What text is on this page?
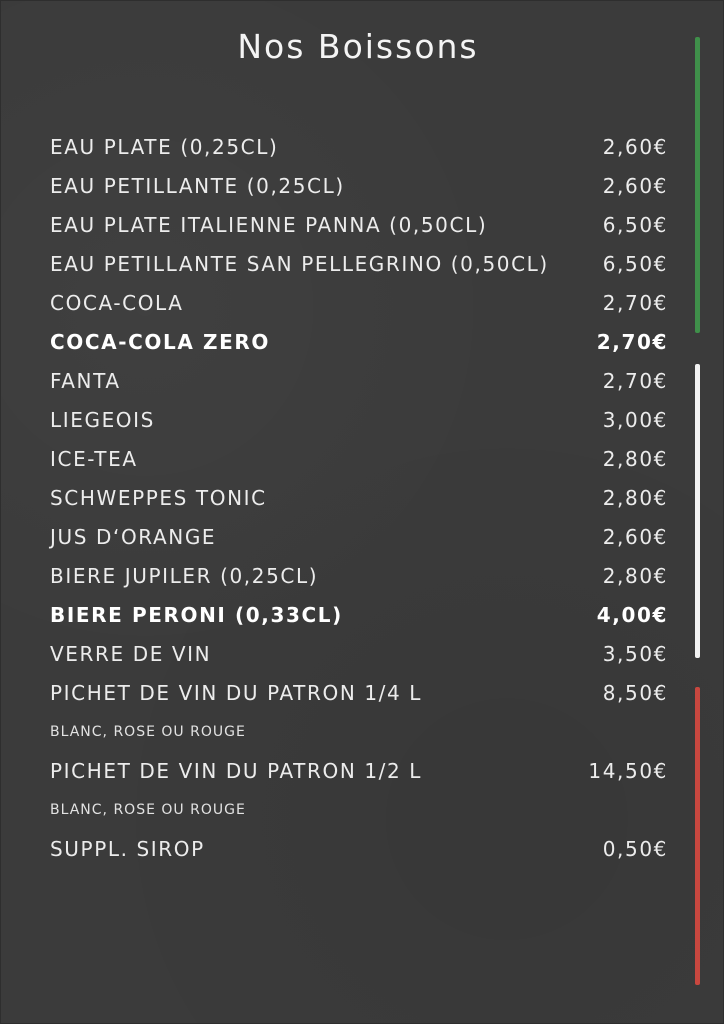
Nos Boissons
EAU PLATE (0,25CL)	2,60€
EAU PETILLANTE (0,25CL)	2,60€
EAU PLATE ITALIENNE PANNA (0,50CL)	6,50€
EAU PETILLANTE SAN PELLEGRINO (0,50CL)	6,50€
COCA-COLA	2,70€
COCA-COLA ZERO	2,70€
FANTA	2,70€
LIEGEOIS	3,00€
ICE-TEA	2,80€
SCHWEPPES TONIC	2,80€
JUS D‘ORANGE	2,60€
BIERE JUPILER (0,25CL)	2,80€
BIERE PERONI (0,33CL)	4,00€
VERRE DE VIN	3,50€
PICHET DE VIN DU PATRON 1/4 L	8,50€
BLANC, ROSE OU ROUGE
PICHET DE VIN DU PATRON 1/2 L	14,50€
BLANC, ROSE OU ROUGE
SUPPL. SIROP	0,50€
